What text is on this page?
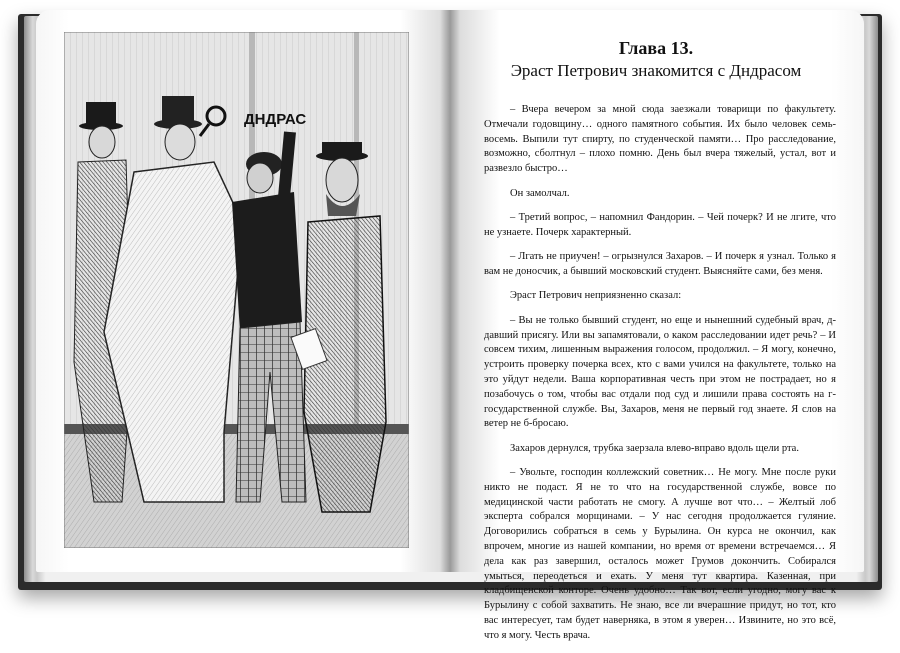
ДНДРАС
Глава 13.
Эраст Петрович знакомится с Дндрасом

– Вчера вечером за мной сюда заезжали товарищи по факультету. Отмечали годовщину… одного памятного события. Их было человек семь-восемь. Выпили тут спирту, по студенческой памяти… Про расследование, возможно, сболтнул – плохо помню. День был вчера тяжелый, устал, вот и развезло быстро…

Он замолчал.

– Третий вопрос, – напомнил Фандорин. – Чей почерк? И не лгите, что не узнаете. Почерк характерный.

– Лгать не приучен! – огрызнулся Захаров. – И почерк я узнал. Только я вам не доносчик, а бывший московский студент. Выясняйте сами, без меня.

Эраст Петрович неприязненно сказал:

– Вы не только бывший студент, но еще и нынешний судебный врач, д-давший присягу. Или вы запамятовали, о каком расследовании идет речь? – И совсем тихим, лишенным выражения голосом, продолжил. – Я могу, конечно, устроить проверку почерка всех, кто с вами учился на факультете, только на это уйдут недели. Ваша корпоративная честь при этом не пострадает, но я позабочусь о том, чтобы вас отдали под суд и лишили права состоять на г-государственной службе. Вы, Захаров, меня не первый год знаете. Я слов на ветер не б-бросаю.

Захаров дернулся, трубка заерзала влево-вправо вдоль щели рта.

– Увольте, господин коллежский советник… Не могу. Мне после руки никто не подаст. Я не то что на государственной службе, вовсе по медицинской части работать не смогу. А лучше вот что… – Желтый лоб эксперта собрался морщинами. – У нас сегодня продолжается гуляние. Договорились собраться в семь у Бурылина. Он курса не окончил, как впрочем, многие из нашей компании, но время от времени встречаемся… Я дела как раз завершил, осталось может Грумов докончить. Собирался умыться, переодеться и ехать. У меня тут квартира. Казенная, при кладбищенской конторе. Очень удобно… Так вот, если угодно, могу вас к Бурылину с собой захватить. Не знаю, все ли вчерашние придут, но тот, кто вас интересует, там будет наверняка, в этом я уверен… Извините, но это всё, что я могу. Честь врача.
